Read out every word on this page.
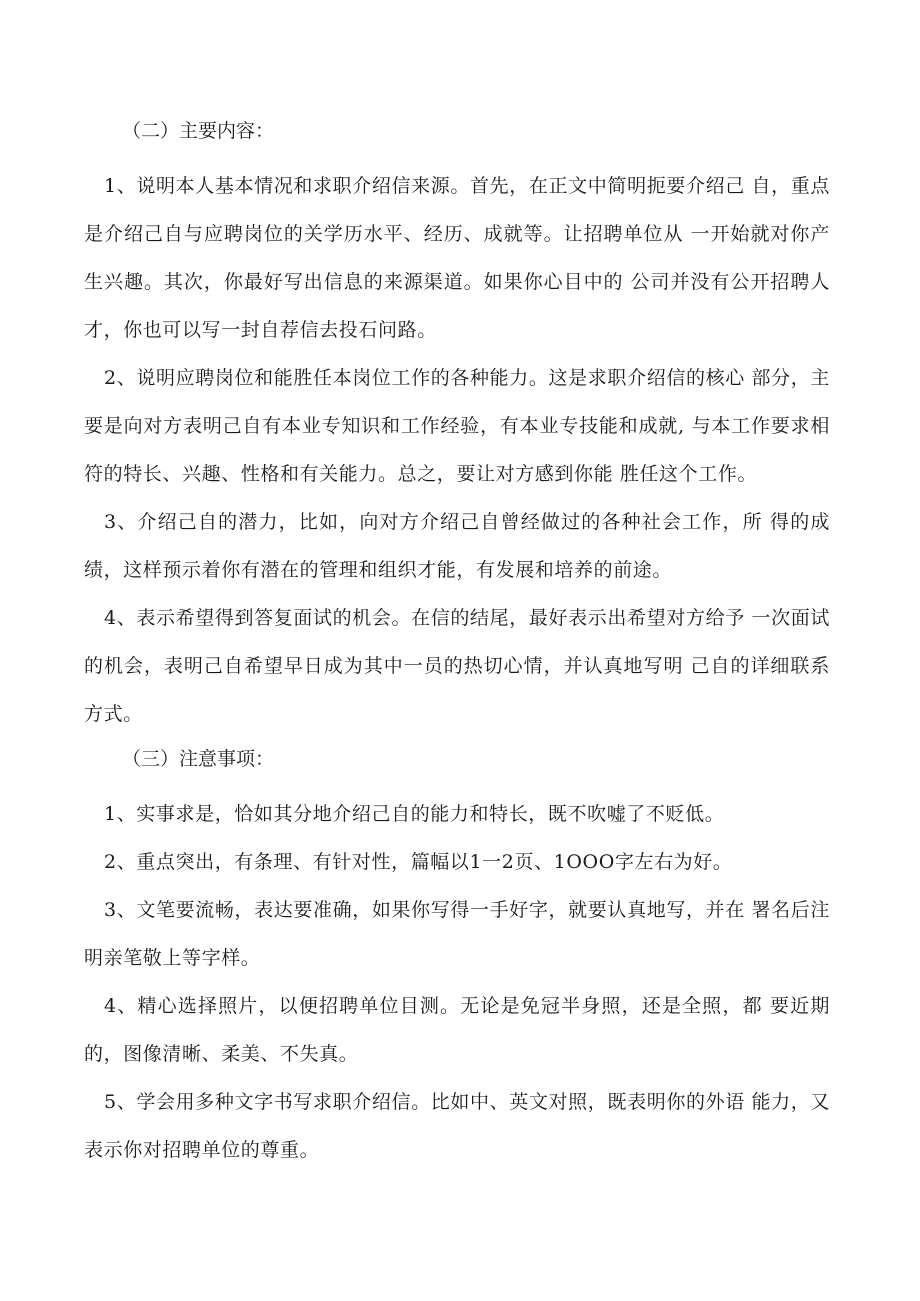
（二）主要内容：

1、说明本人基本情况和求职介绍信来源。首先，在正文中简明扼要介绍己 自，重点是介绍己自与应聘岗位的关学历水平、经历、成就等。让招聘单位从 一开始就对你产生兴趣。其次，你最好写出信息的来源渠道。如果你心目中的 公司并没有公开招聘人才，你也可以写一封自荐信去投石问路。

2、说明应聘岗位和能胜任本岗位工作的各种能力。这是求职介绍信的核心 部分，主要是向对方表明己自有本业专知识和工作经验，有本业专技能和成就, 与本工作要求相符的特长、兴趣、性格和有关能力。总之，要让对方感到你能 胜任这个工作。

3、介绍己自的潜力，比如，向对方介绍己自曾经做过的各种社会工作，所 得的成绩，这样预示着你有潜在的管理和组织才能，有发展和培养的前途。

4、表示希望得到答复面试的机会。在信的结尾，最好表示出希望对方给予 一次面试的机会，表明己自希望早日成为其中一员的热切心情，并认真地写明 己自的详细联系方式。

（三）注意事项：

1、实事求是，恰如其分地介绍己自的能力和特长，既不吹嘘了不贬低。

2、重点突出，有条理、有针对性，篇幅以1一2页、1OOO字左右为好。

3、文笔要流畅，表达要准确，如果你写得一手好字，就要认真地写，并在 署名后注明亲笔敬上等字样。

4、精心选择照片，以便招聘单位目测。无论是免冠半身照，还是全照，都 要近期的，图像清晰、柔美、不失真。

5、学会用多种文字书写求职介绍信。比如中、英文对照，既表明你的外语 能力，又表示你对招聘单位的尊重。
